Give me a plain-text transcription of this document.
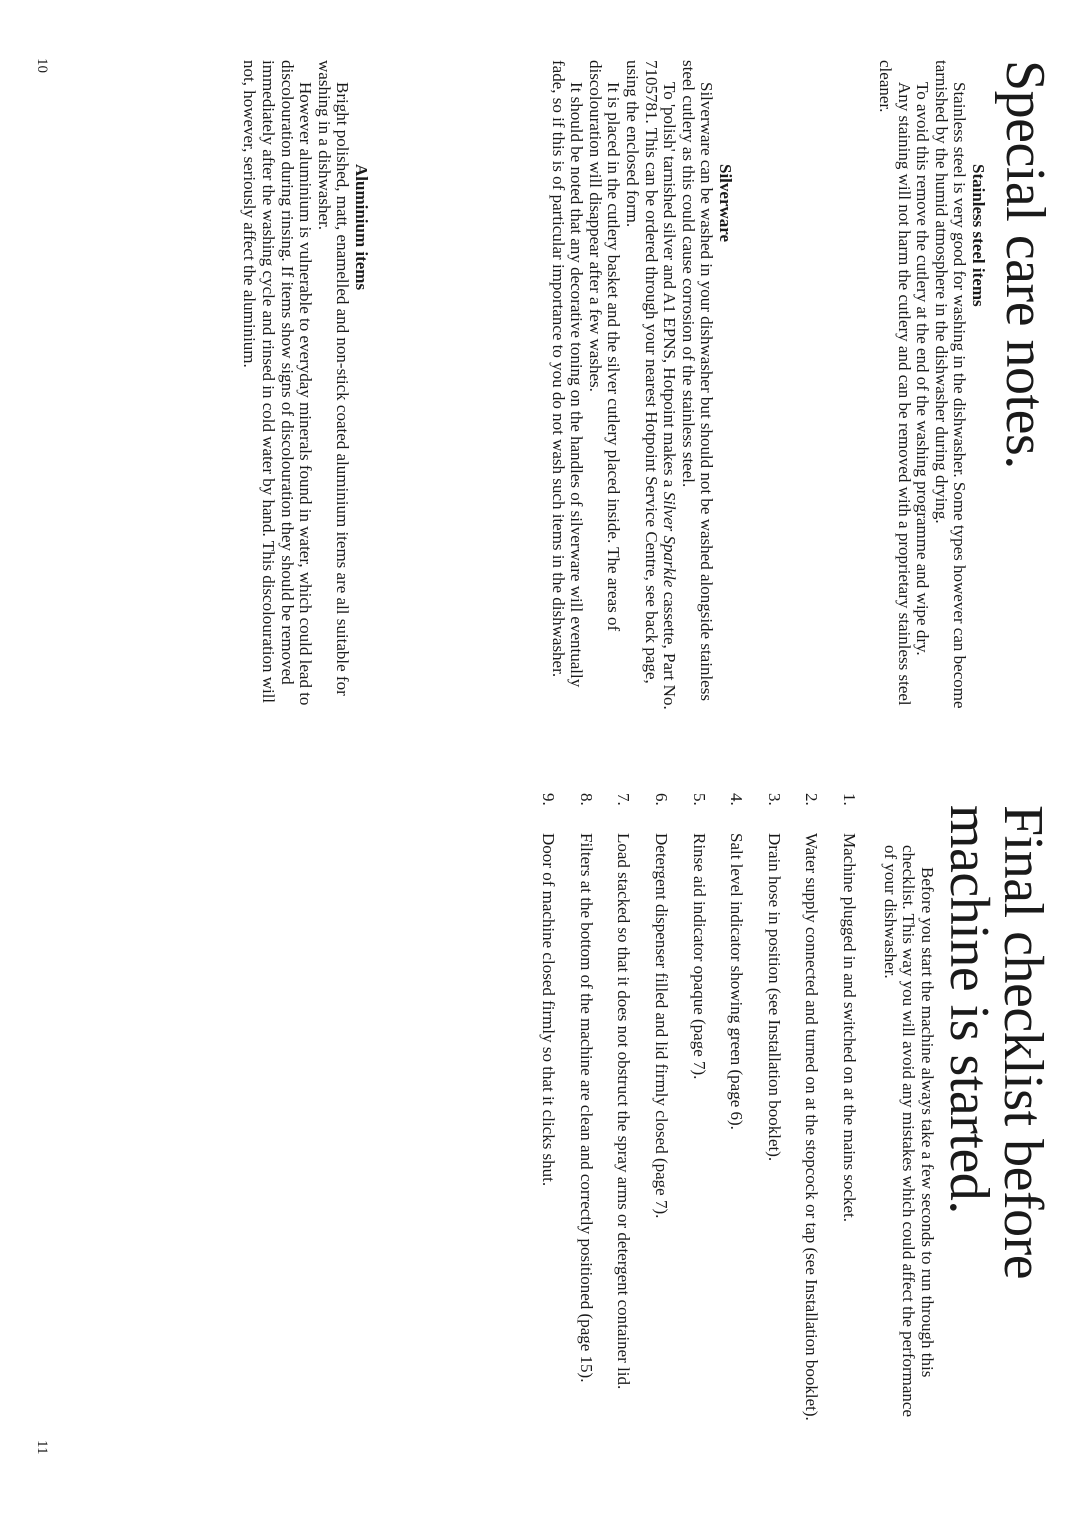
Special care notes.
Stainless steel items

Stainless steel is very good for washing in the dishwasher. Some types however can become tarnished by the humid atmosphere in the dishwasher during drying.

To avoid this remove the cutlery at the end of the washing programme and wipe dry.

Any staining will not harm the cutlery and can be removed with a proprietary stainless steel cleaner.

Silverware

Silverware can be washed in your dishwasher but should not be washed alongside stainless steel cutlery as this could cause corrosion of the stainless steel.

To 'polish' tarnished silver and A1 EPNS, Hotpoint makes a Silver Sparkle cassette, Part No. 7105781. This can be ordered through your nearest Hotpoint Service Centre, see back page, using the enclosed form.

It is placed in the cutlery basket and the silver cutlery placed inside. The areas of discolouration will disappear after a few washes.

It should be noted that any decorative toning on the handles of silverware will eventually fade, so if this is of particular importance to you do not wash such items in the dishwasher.

Aluminium items

Bright polished, matt, enamelled and non-stick coated aluminium items are all suitable for washing in a dishwasher.

However aluminium is vulnerable to everyday minerals found in water, which could lead to discolouration during rinsing. If items show signs of discolouration they should be removed immediately after the washing cycle and rinsed in cold water by hand. This discolouration will not, however, seriously affect the aluminium.

Final checklist before machine is started.

Before you start the machine always take a few seconds to run through this checklist. This way you will avoid any mistakes which could affect the performance of your dishwasher.

1.
Machine plugged in and switched on at the mains socket.
2.
Water supply connected and turned on at the stopcock or tap (see Installation booklet).
3.
Drain hose in position (see Installation booklet).
4.
Salt level indicator showing green (page 6).
5.
Rinse aid indicator opaque (page 7).
6.
Detergent dispenser filled and lid firmly closed (page 7).
7.
Load stacked so that it does not obstruct the spray arms or detergent container lid.
8.
Filters at the bottom of the machine are clean and correctly positioned (page 15).
9.
Door of machine closed firmly so that it clicks shut.
10
11
